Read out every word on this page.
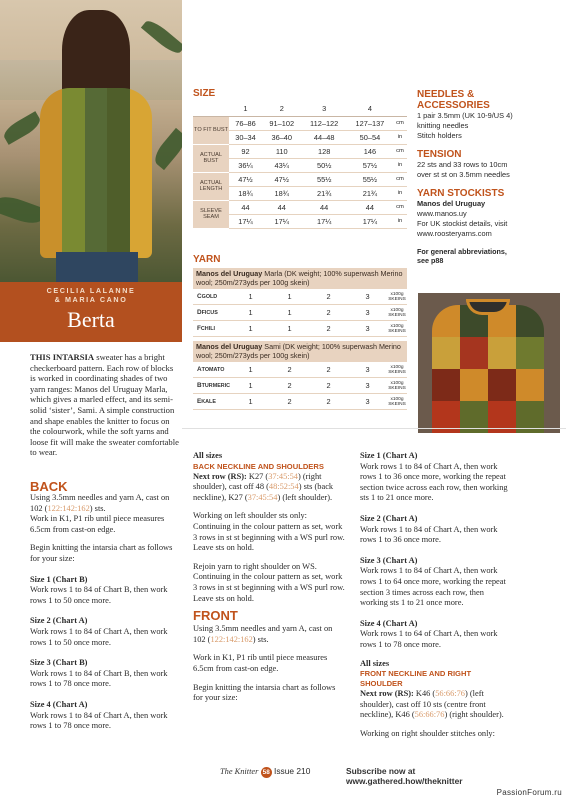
CECILIA LALANNE
& MARIA CANO
Berta
THIS INTARSIA sweater has a bright checkerboard pattern. Each row of blocks is worked in coordinating shades of two yarn ranges: Manos del Uruguay Marla, which gives a marled effect, and its semi-solid ‘sister’, Sami. A simple construction and shape enables the knitter to focus on the colourwork, while the soft yarns and loose fit will make the sweater comfortable to wear.
BACK

Using 3.5mm needles and yarn A, cast on 102 (122:142:162) sts.

Work in K1, P1 rib until piece measures 6.5cm from cast-on edge.

Begin knitting the intarsia chart as follows for your size:

Size 1 (Chart B)

Work rows 1 to 84 of Chart B, then work rows 1 to 50 once more.

Size 2 (Chart A)

Work rows 1 to 84 of Chart A, then work rows 1 to 50 once more.

Size 3 (Chart B)

Work rows 1 to 84 of Chart B, then work rows 1 to 78 once more.

Size 4 (Chart A)

Work rows 1 to 84 of Chart A, then work rows 1 to 78 once more.

SIZE
	1	2	3	4	
TO FIT BUST	76–86	91–102	112–122	127–137	cm
	30–34	36–40	44–48	50–54	in
ACTUAL BUST	92	110	128	146	cm
	36¼	43¼	50½	57½	in
ACTUAL LENGTH	47½	47½	55½	55½	cm
	18¾	18¾	21¾	21¾	in
SLEEVE SEAM	44	44	44	44	cm
	17¼	17¼	17¼	17¼	in
YARN
Manos del Uruguay Marla (DK weight; 100% superwash Merino wool; 250m/273yds per 100g skein)
CGOLD	1	1	2	3	x100g SKEINS
DFICUS	1	1	2	3	x100g SKEINS
FCHILI	1	1	2	3	x100g SKEINS
Manos del Uruguay Sami (DK weight; 100% superwash Merino wool; 250m/273yds per 100g skein)
ATOMATO	1	2	2	3	x100g SKEINS
BTURMERIC	1	2	2	3	x100g SKEINS
EKALE	1	2	2	3	x100g SKEINS
NEEDLES & ACCESSORIES

1 pair 3.5mm (UK 10-9/US 4)

knitting needles

Stitch holders

TENSION

22 sts and 33 rows to 10cm

over st st on 3.5mm needles

YARN STOCKISTS

Manos del Uruguay

www.manos.uy

For UK stockist details, visit

www.roosteryarns.com

For general abbreviations,
see p88
All sizes
BACK NECKLINE AND SHOULDERS

Next row (RS): K27 (37:45:54) (right shoulder), cast off 48 (48:52:54) sts (back neckline), K27 (37:45:54) (left shoulder).

Working on left shoulder sts only: Continuing in the colour pattern as set, work 3 rows in st st beginning with a WS purl row.

Leave sts on hold.

Rejoin yarn to right shoulder on WS. Continuing in the colour pattern as set, work 3 rows in st st beginning with a WS purl row.

Leave sts on hold.

FRONT

Using 3.5mm needles and yarn A, cast on 102 (122:142:162) sts.

Work in K1, P1 rib until piece measures 6.5cm from cast-on edge.

Begin knitting the intarsia chart as follows for your size:

Size 1 (Chart A)

Work rows 1 to 84 of Chart A, then work rows 1 to 36 once more, working the repeat section twice across each row, then working sts 1 to 21 once more.

Size 2 (Chart A)

Work rows 1 to 84 of Chart A, then work rows 1 to 36 once more.

Size 3 (Chart A)

Work rows 1 to 84 of Chart A, then work rows 1 to 64 once more, working the repeat section 3 times across each row, then working sts 1 to 21 once more.

Size 4 (Chart A)

Work rows 1 to 64 of Chart A, then work rows 1 to 78 once more.

All sizes
FRONT NECKLINE AND RIGHT SHOULDER

Next row (RS): K46 (56:66:76) (left shoulder), cast off 10 sts (centre front neckline), K46 (56:66:76) (right shoulder).

Working on right shoulder stitches only:

The Knitter 58 Issue 210	Subscribe now at www.gathered.how/theknitter
PassionForum.ru
